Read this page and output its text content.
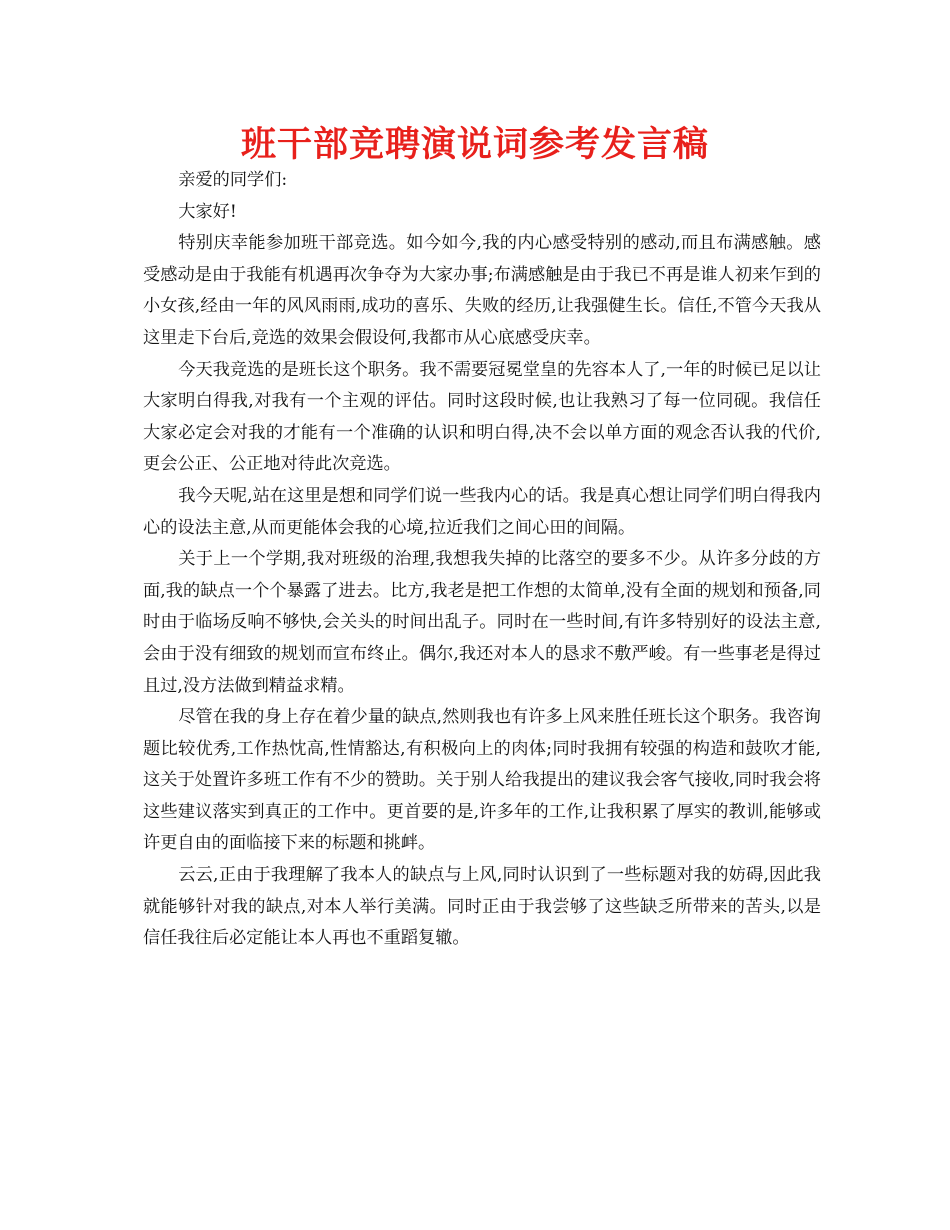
班干部竞聘演说词参考发言稿

亲爱的同学们:

大家好!

特别庆幸能参加班干部竞选。如今如今,我的内心感受特别的感动,而且布满感触。感受感动是由于我能有机遇再次争夺为大家办事;布满感触是由于我已不再是谁人初来乍到的小女孩,经由一年的风风雨雨,成功的喜乐、失败的经历,让我强健生长。信任,不管今天我从这里走下台后,竞选的效果会假设何,我都市从心底感受庆幸。

今天我竞选的是班长这个职务。我不需要冠冕堂皇的先容本人了,一年的时候已足以让大家明白得我,对我有一个主观的评估。同时这段时候,也让我熟习了每一位同砚。我信任大家必定会对我的才能有一个准确的认识和明白得,决不会以单方面的观念否认我的代价,更会公正、公正地对待此次竞选。

我今天呢,站在这里是想和同学们说一些我内心的话。我是真心想让同学们明白得我内心的设法主意,从而更能体会我的心境,拉近我们之间心田的间隔。

关于上一个学期,我对班级的治理,我想我失掉的比落空的要多不少。从许多分歧的方面,我的缺点一个个暴露了进去。比方,我老是把工作想的太简单,没有全面的规划和预备,同时由于临场反响不够快,会关头的时间出乱子。同时在一些时间,有许多特别好的设法主意,会由于没有细致的规划而宣布终止。偶尔,我还对本人的恳求不敷严峻。有一些事老是得过且过,没方法做到精益求精。

尽管在我的身上存在着少量的缺点,然则我也有许多上风来胜任班长这个职务。我咨询题比较优秀,工作热忱高,性情豁达,有积极向上的肉体;同时我拥有较强的构造和鼓吹才能,这关于处置许多班工作有不少的赞助。关于别人给我提出的建议我会客气接收,同时我会将这些建议落实到真正的工作中。更首要的是,许多年的工作,让我积累了厚实的教训,能够或许更自由的面临接下来的标题和挑衅。

云云,正由于我理解了我本人的缺点与上风,同时认识到了一些标题对我的妨碍,因此我就能够针对我的缺点,对本人举行美满。同时正由于我尝够了这些缺乏所带来的苦头,以是信任我往后必定能让本人再也不重蹈复辙。
